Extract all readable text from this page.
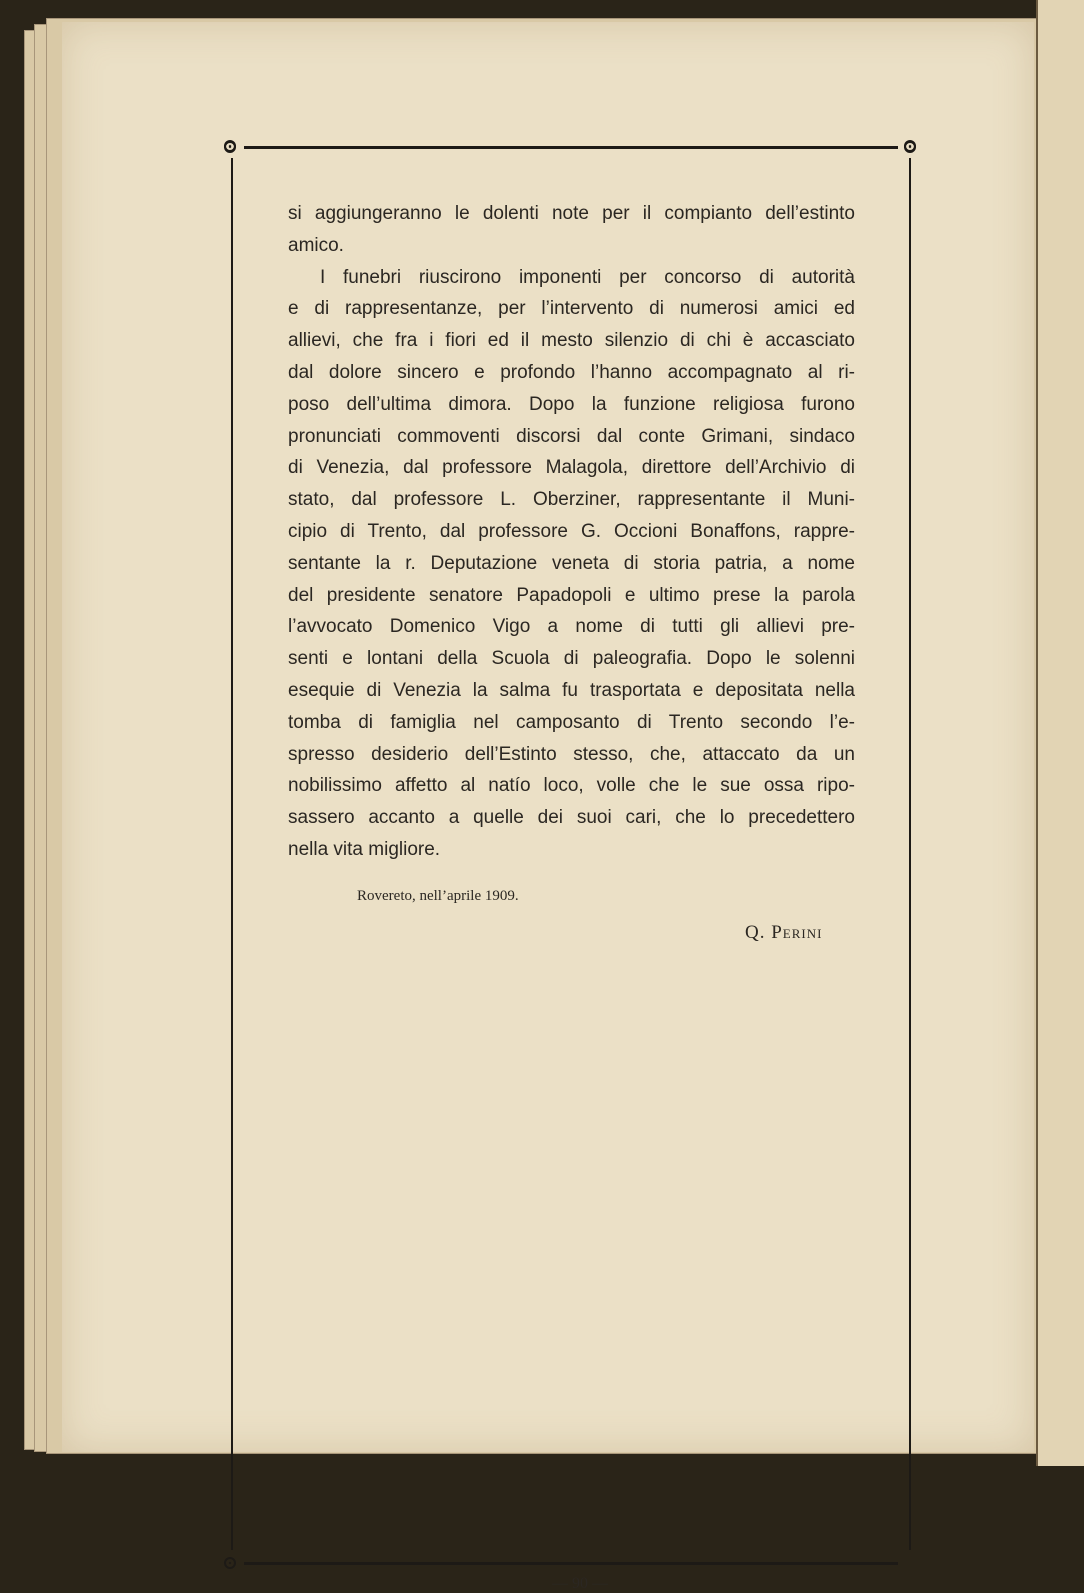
si aggiungeranno le dolenti note per il compianto dell’estinto
amico.
I funebri riuscirono imponenti per concorso di autorità
e di rappresentanze, per l’intervento di numerosi amici ed
allievi, che fra i fiori ed il mesto silenzio di chi è accasciato
dal dolore sincero e profondo l’hanno accompagnato al ri-
poso dell’ultima dimora. Dopo la funzione religiosa furono
pronunciati commoventi discorsi dal conte Grimani, sindaco
di Venezia, dal professore Malagola, direttore dell’Archivio di
stato, dal professore L. Oberziner, rappresentante il Muni-
cipio di Trento, dal professore G. Occioni Bonaffons, rappre-
sentante la r. Deputazione veneta di storia patria, a nome
del presidente senatore Papadopoli e ultimo prese la parola
l’avvocato Domenico Vigo a nome di tutti gli allievi pre-
senti e lontani della Scuola di paleografia. Dopo le solenni
esequie di Venezia la salma fu trasportata e depositata nella
tomba di famiglia nel camposanto di Trento secondo l’e-
spresso desiderio dell’Estinto stesso, che, attaccato da un
nobilissimo affetto al natío loco, volle che le sue ossa ripo-
sassero accanto a quelle dei suoi cari, che lo precedettero
nella vita migliore.
Rovereto, nell’aprile 1909.
Q. Perini
— 90 —
